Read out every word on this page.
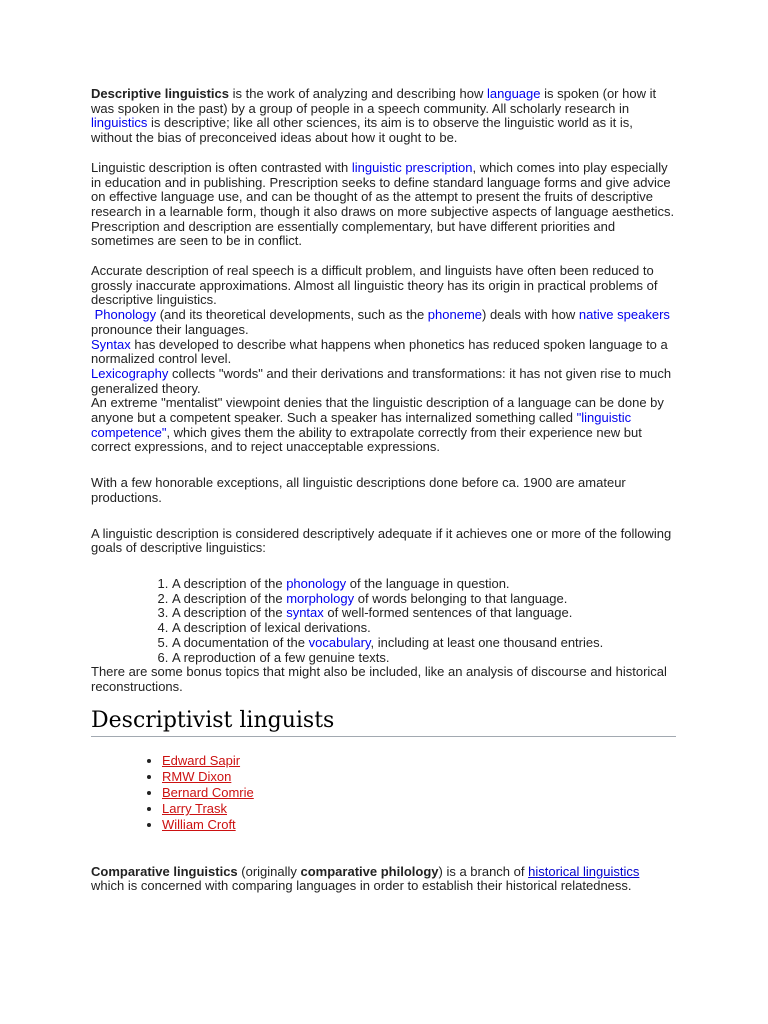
Descriptive linguistics is the work of analyzing and describing how language is spoken (or how it was spoken in the past) by a group of people in a speech community. All scholarly research in linguistics is descriptive; like all other sciences, its aim is to observe the linguistic world as it is, without the bias of preconceived ideas about how it ought to be.

Linguistic description is often contrasted with linguistic prescription, which comes into play especially in education and in publishing. Prescription seeks to define standard language forms and give advice on effective language use, and can be thought of as the attempt to present the fruits of descriptive research in a learnable form, though it also draws on more subjective aspects of language aesthetics. Prescription and description are essentially complementary, but have different priorities and sometimes are seen to be in conflict.

Accurate description of real speech is a difficult problem, and linguists have often been reduced to grossly inaccurate approximations. Almost all linguistic theory has its origin in practical problems of descriptive linguistics.

Phonology (and its theoretical developments, such as the phoneme) deals with how native speakers pronounce their languages.

Syntax has developed to describe what happens when phonetics has reduced spoken language to a normalized control level.

Lexicography collects "words" and their derivations and transformations: it has not given rise to much generalized theory.

An extreme "mentalist" viewpoint denies that the linguistic description of a language can be done by anyone but a competent speaker. Such a speaker has internalized something called "linguistic competence", which gives them the ability to extrapolate correctly from their experience new but correct expressions, and to reject unacceptable expressions.

With a few honorable exceptions, all linguistic descriptions done before ca. 1900 are amateur productions.

A linguistic description is considered descriptively adequate if it achieves one or more of the following goals of descriptive linguistics:

1. A description of the phonology of the language in question.
2. A description of the morphology of words belonging to that language.
3. A description of the syntax of well-formed sentences of that language.
4. A description of lexical derivations.
5. A documentation of the vocabulary, including at least one thousand entries.
6. A reproduction of a few genuine texts.

There are some bonus topics that might also be included, like an analysis of discourse and historical reconstructions.

Descriptivist linguists
• Edward Sapir
• RMW Dixon
• Bernard Comrie
• Larry Trask
• William Croft

Comparative linguistics (originally comparative philology) is a branch of historical linguistics which is concerned with comparing languages in order to establish their historical relatedness.
